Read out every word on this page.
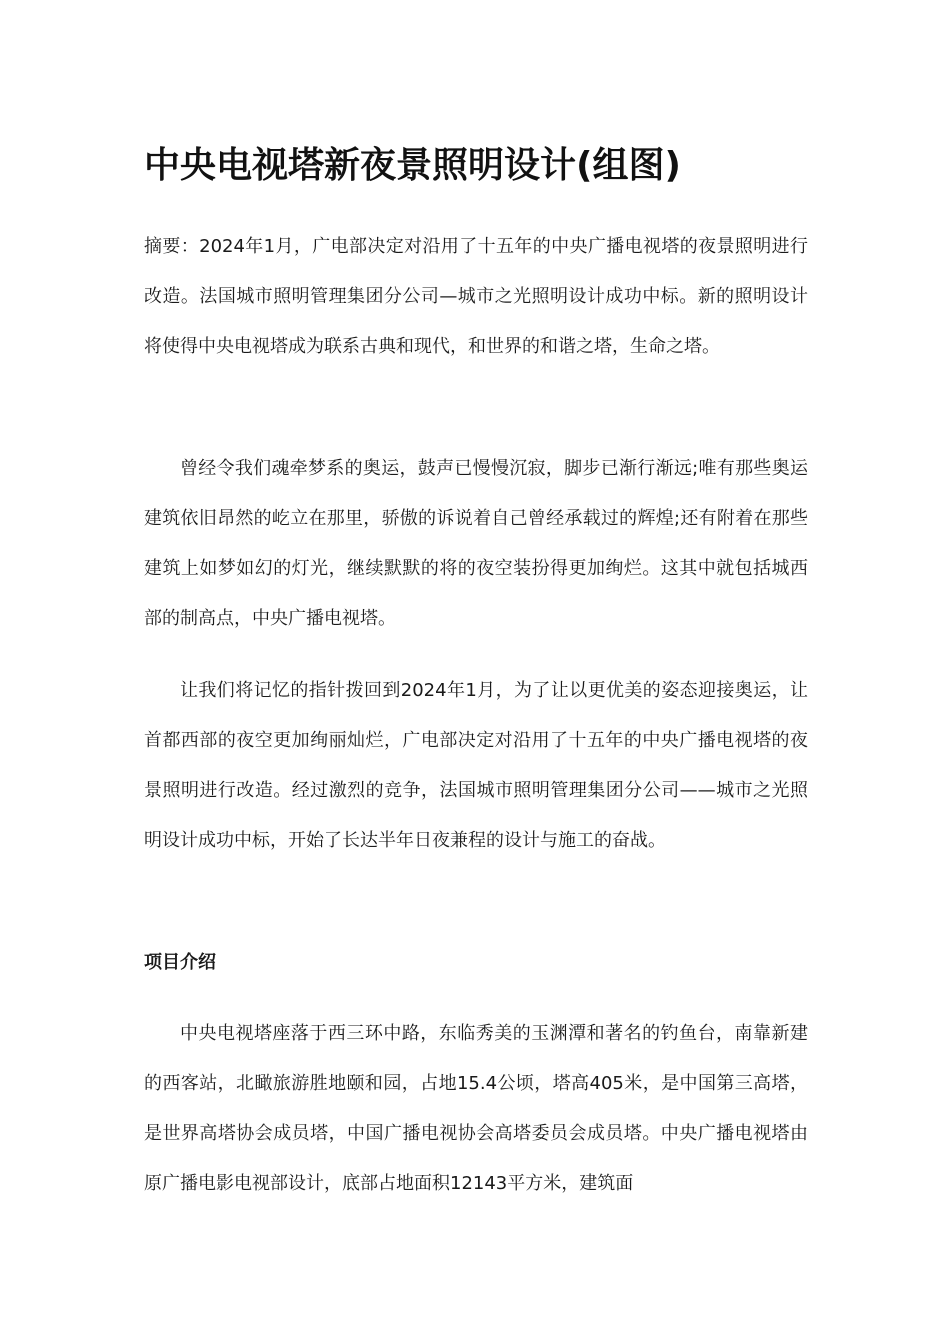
中央电视塔新夜景照明设计(组图)

摘要：2024年1月，广电部决定对沿用了十五年的中央广播电视塔的夜景照明进行改造。法国城市照明管理集团分公司—城市之光照明设计成功中标。新的照明设计将使得中央电视塔成为联系古典和现代，和世界的和谐之塔，生命之塔。

曾经令我们魂牵梦系的奥运，鼓声已慢慢沉寂，脚步已渐行渐远;唯有那些奥运建筑依旧昂然的屹立在那里，骄傲的诉说着自己曾经承载过的辉煌;还有附着在那些建筑上如梦如幻的灯光，继续默默的将的夜空装扮得更加绚烂。这其中就包括城西部的制高点，中央广播电视塔。

让我们将记忆的指针拨回到2024年1月，为了让以更优美的姿态迎接奥运，让首都西部的夜空更加绚丽灿烂，广电部决定对沿用了十五年的中央广播电视塔的夜景照明进行改造。经过激烈的竞争，法国城市照明管理集团分公司——城市之光照明设计成功中标，开始了长达半年日夜兼程的设计与施工的奋战。

项目介绍

中央电视塔座落于西三环中路，东临秀美的玉渊潭和著名的钓鱼台，南靠新建的西客站，北瞰旅游胜地颐和园，占地15.4公顷，塔高405米，是中国第三高塔，是世界高塔协会成员塔，中国广播电视协会高塔委员会成员塔。中央广播电视塔由原广播电影电视部设计，底部占地面积12143平方米，建筑面
